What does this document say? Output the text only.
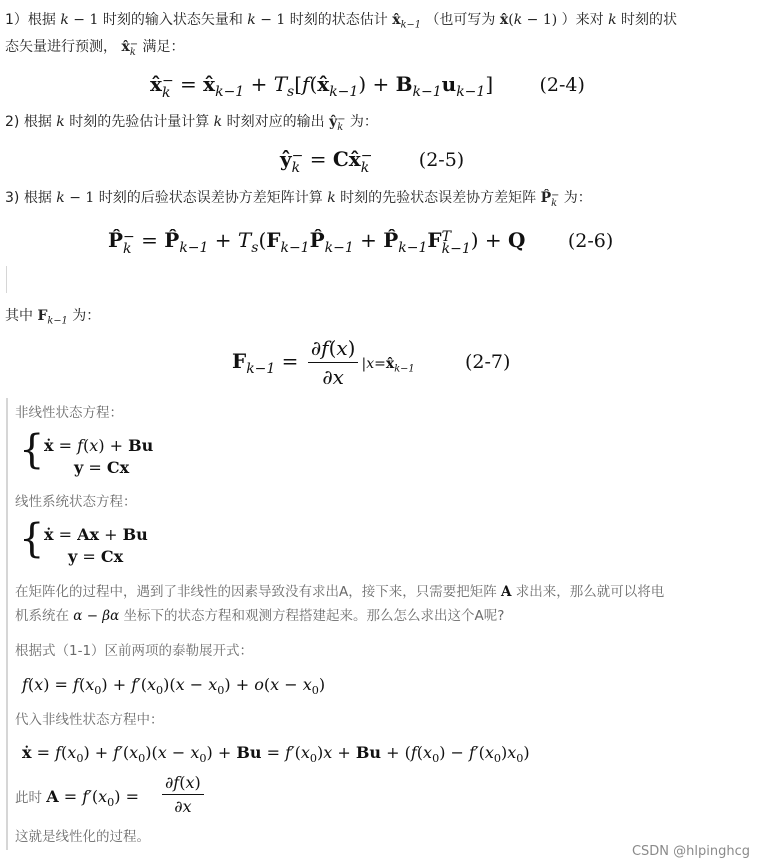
1）根据 k − 1 时刻的输入状态矢量和 k − 1 时刻的状态估计 $x̂_{k-1}$ （也可写为 x̂(k − 1) ）来对 k 时刻的状
态矢量进行预测， x̂−
k 满足：
x̂−
$k = x̂_{k-1}$ + $T_s[f(x̂_{k-1}) + B_{k-1}u_{k-1}]$ (2-4)
2) 根据 k 时刻的先验估计量计算 k 时刻对应的输出 ŷ−
k 为：
ŷ−
k = Cx̂−
k	(2-5)
3) 根据 k − 1 时刻的后验状态误差协方差矩阵计算 k 时刻的先验状态误差协方差矩阵 P̂−
k 为：
P̂−
$k = P̂_{k-1}$ + $T_s(F_{k-1}P̂_{k-1}$ + $P̂_{k-1}FT$
k−1) + Q (2-6)
其中 $F_{k-1}$ 为：
$F_{k-1} = \frac{\partial f(x)}{\partial x}$ $|x=x̂_{k-1}$	(2-7)
非线性状态方程：
{ ẋ = f(x) + Bu
y = Cx
线性系统状态方程：
{ ẋ = Ax + Bu
y = Cx
在矩阵化的过程中，遇到了非线性的因素导致没有求出A，接下来，只需要把矩阵 A 求出来，那么就可以将电
机系统在 α − βα 坐标下的状态方程和观测方程搭建起来。那么怎么求出这个A呢?
根据式（1-1）区前两项的泰勒展开式：
$f(x) = f(x_0) + f'(x_0)(x - x_0) + o(x - x_0)$
代入非线性状态方程中：
ẋ = $f(x_0) + f'(x_0)(x - x_0) + Bu = f'(x_0)x + Bu + (f(x_0) - f'(x_0)x_0)$
此时 $A = f'(x_0) = \frac{\partial f(x)}{\partial x}$
这就是线性化的过程。
CSDN @hlpinghcg
